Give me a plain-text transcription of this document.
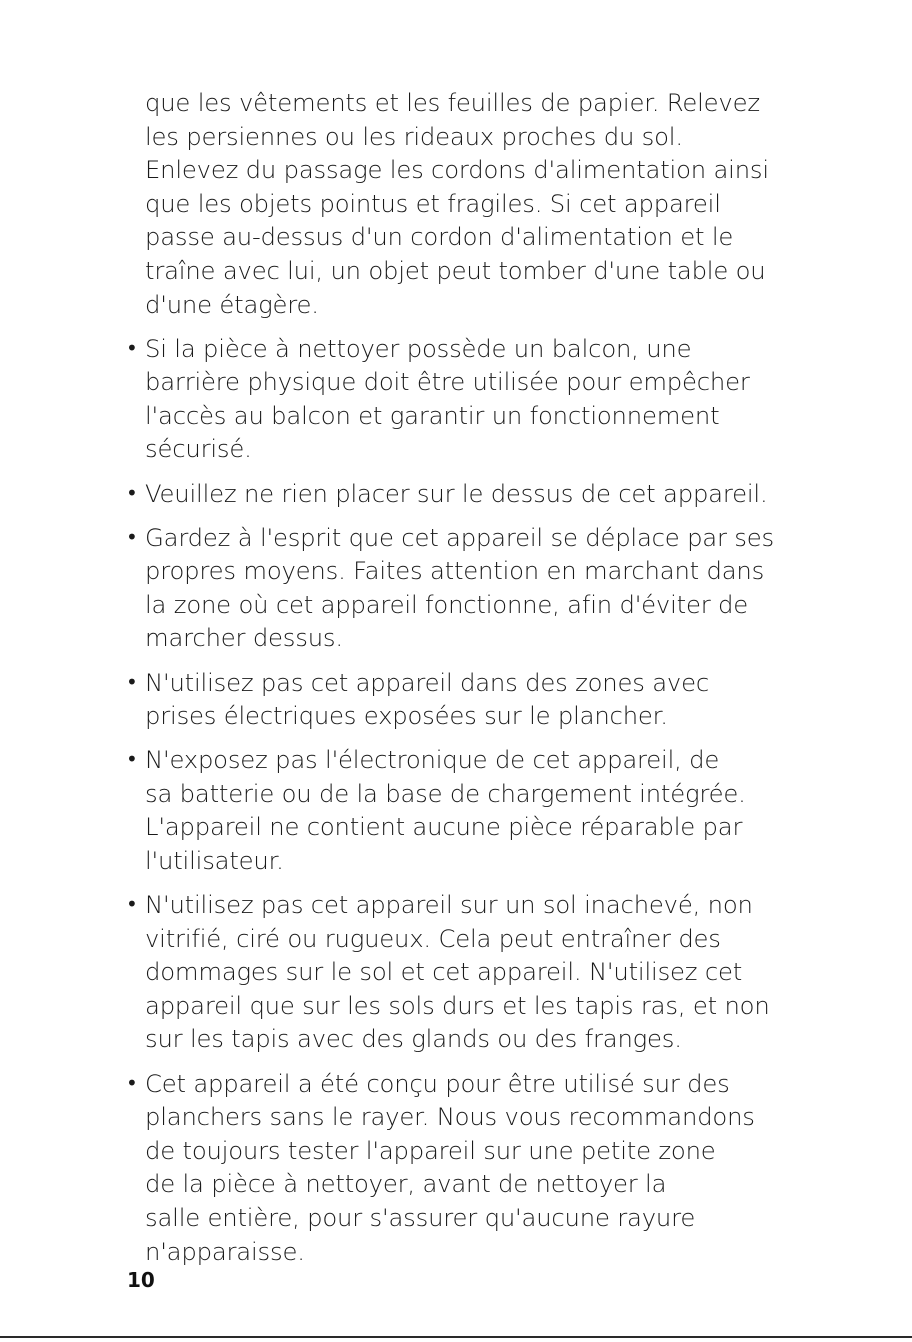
que les vêtements et les feuilles de papier. Relevez
les persiennes ou les rideaux proches du sol.
Enlevez du passage les cordons d'alimentation ainsi
que les objets pointus et fragiles. Si cet appareil
passe au-dessus d'un cordon d'alimentation et le
traîne avec lui, un objet peut tomber d'une table ou
d'une étagère.
• Si la pièce à nettoyer possède un balcon, une
barrière physique doit être utilisée pour empêcher
l'accès au balcon et garantir un fonctionnement
sécurisé.
• Veuillez ne rien placer sur le dessus de cet appareil.
• Gardez à l'esprit que cet appareil se déplace par ses
propres moyens. Faites attention en marchant dans
la zone où cet appareil fonctionne, afin d'éviter de
marcher dessus.
• N'utilisez pas cet appareil dans des zones avec
prises électriques exposées sur le plancher.
• N'exposez pas l'électronique de cet appareil, de
sa batterie ou de la base de chargement intégrée.
L'appareil ne contient aucune pièce réparable par
l'utilisateur.
• N'utilisez pas cet appareil sur un sol inachevé, non
vitrifié, ciré ou rugueux. Cela peut entraîner des
dommages sur le sol et cet appareil. N'utilisez cet
appareil que sur les sols durs et les tapis ras, et non
sur les tapis avec des glands ou des franges.
• Cet appareil a été conçu pour être utilisé sur des
planchers sans le rayer. Nous vous recommandons
de toujours tester l'appareil sur une petite zone
de la pièce à nettoyer, avant de nettoyer la
salle entière, pour s'assurer qu'aucune rayure
n'apparaisse.
10
